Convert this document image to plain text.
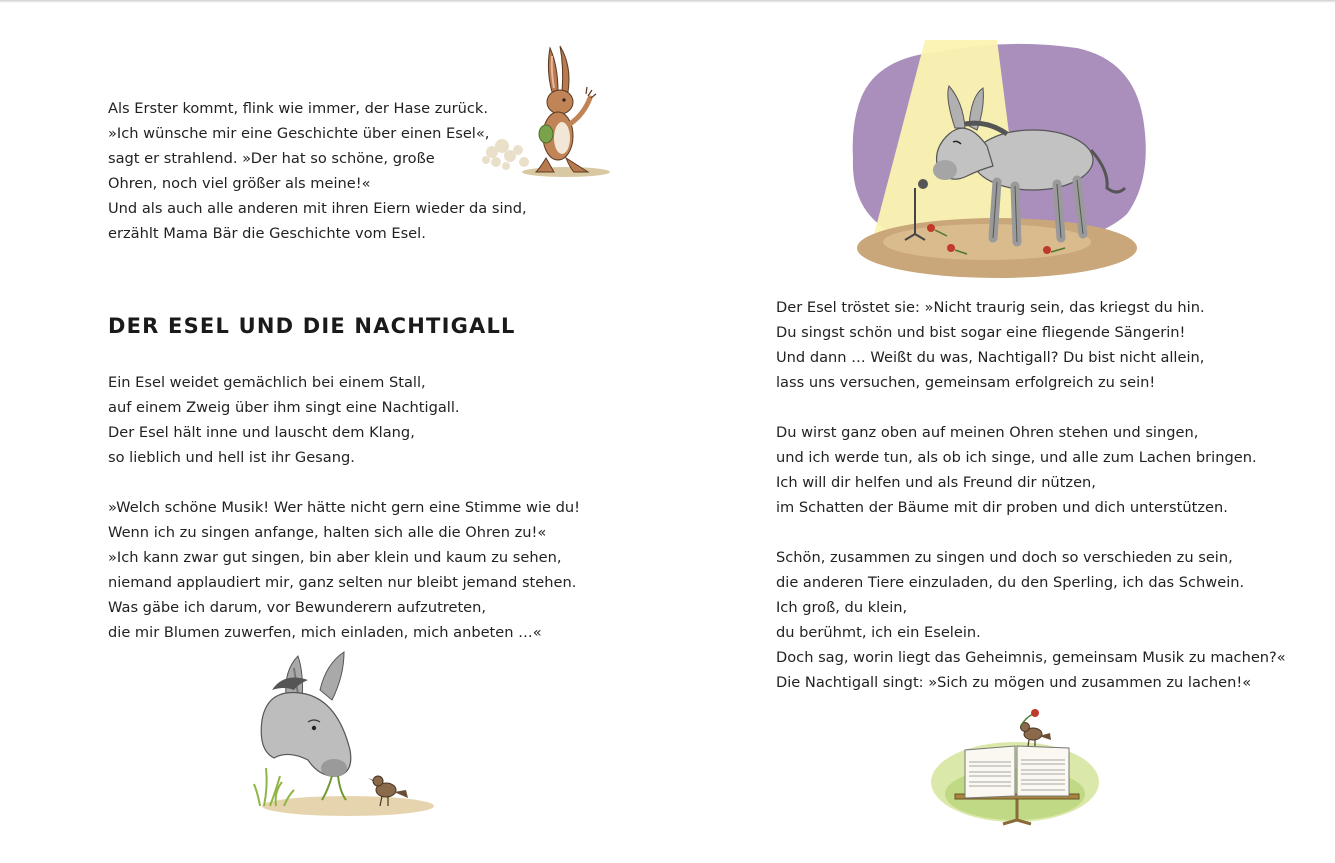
Als Erster kommt, flink wie immer, der Hase zurück.
»Ich wünsche mir eine Geschichte über einen Esel«,
sagt er strahlend. »Der hat so schöne, große
Ohren, noch viel größer als meine!«
Und als auch alle anderen mit ihren Eiern wieder da sind,
erzählt Mama Bär die Geschichte vom Esel.
DER ESEL UND DIE NACHTIGALL
Ein Esel weidet gemächlich bei einem Stall,
auf einem Zweig über ihm singt eine Nachtigall.
Der Esel hält inne und lauscht dem Klang,
so lieblich und hell ist ihr Gesang.
»Welch schöne Musik! Wer hätte nicht gern eine Stimme wie du!
Wenn ich zu singen anfange, halten sich alle die Ohren zu!«
»Ich kann zwar gut singen, bin aber klein und kaum zu sehen,
niemand applaudiert mir, ganz selten nur bleibt jemand stehen.
Was gäbe ich darum, vor Bewunderern aufzutreten,
die mir Blumen zuwerfen, mich einladen, mich anbeten …«
Der Esel tröstet sie: »Nicht traurig sein, das kriegst du hin.
Du singst schön und bist sogar eine fliegende Sängerin!
Und dann … Weißt du was, Nachtigall? Du bist nicht allein,
lass uns versuchen, gemeinsam erfolgreich zu sein!
Du wirst ganz oben auf meinen Ohren stehen und singen,
und ich werde tun, als ob ich singe, und alle zum Lachen bringen.
Ich will dir helfen und als Freund dir nützen,
im Schatten der Bäume mit dir proben und dich unterstützen.
Schön, zusammen zu singen und doch so verschieden zu sein,
die anderen Tiere einzuladen, du den Sperling, ich das Schwein.
Ich groß, du klein,
du berühmt, ich ein Eselein.
Doch sag, worin liegt das Geheimnis, gemeinsam Musik zu machen?«
Die Nachtigall singt: »Sich zu mögen und zusammen zu lachen!«
